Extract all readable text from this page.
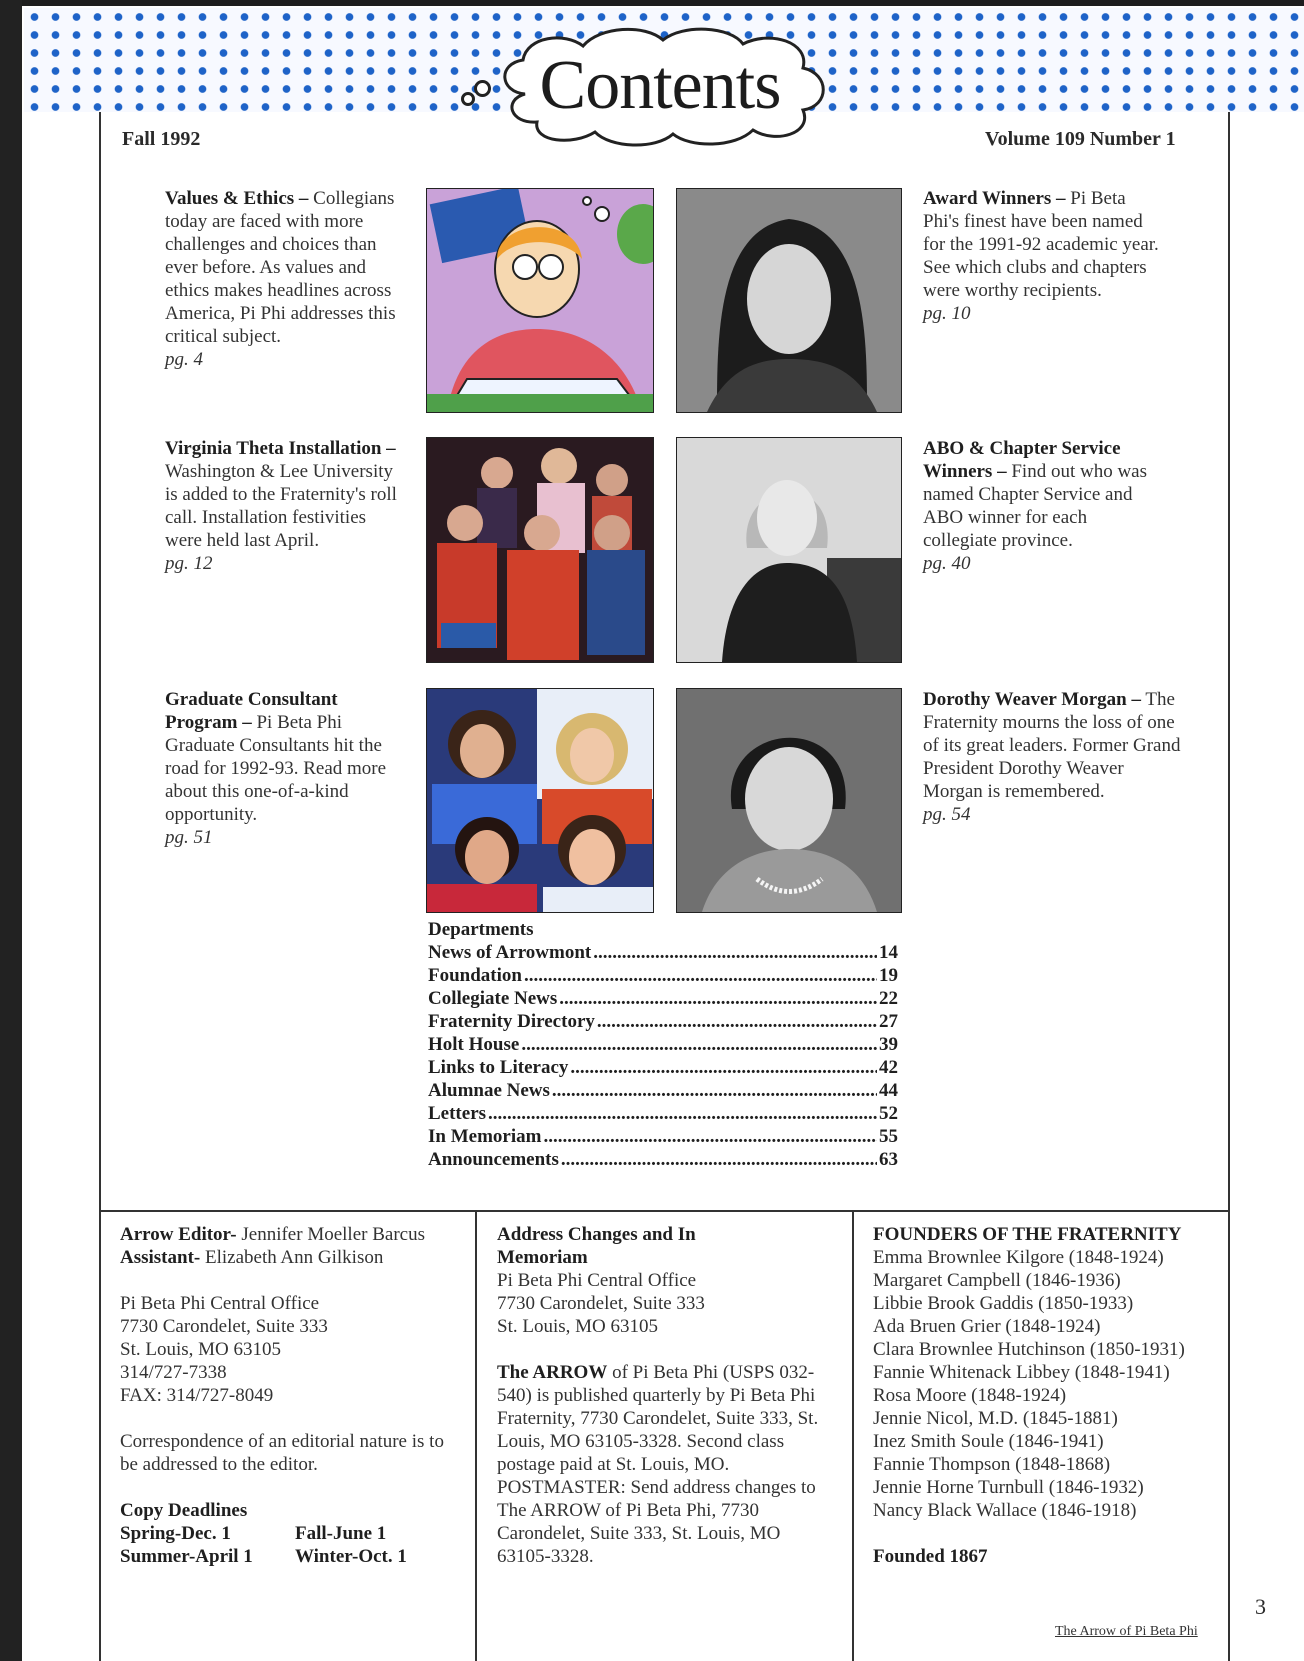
Contents
Fall 1992	Volume 109 Number 1
Values & Ethics – Collegians today are faced with more challenges and choices than ever before. As values and ethics makes headlines across America, Pi Phi addresses this critical subject.
pg. 4
Award Winners – Pi Beta Phi's finest have been named for the 1991-92 academic year. See which clubs and chapters were worthy recipients.
pg. 10
Virginia Theta Installation – Washington & Lee University is added to the Fraternity's roll call. Installation festivities were held last April.
pg. 12
ABO & Chapter Service Winners – Find out who was named Chapter Service and ABO winner for each collegiate province.
pg. 40
Graduate Consultant Program – Pi Beta Phi Graduate Consultants hit the road for 1992-93. Read more about this one-of-a-kind opportunity.
pg. 51
Dorothy Weaver Morgan – The Fraternity mourns the loss of one of its great leaders. Former Grand President Dorothy Weaver Morgan is remembered.
pg. 54
Departments
News of Arrowmont .....	14
Foundation .....	19
Collegiate News .....	22
Fraternity Directory .....	27
Holt House .....	39
Links to Literacy .....	42
Alumnae News .....	44
Letters .....	52
In Memoriam .....	55
Announcements .....	63
Arrow Editor- Jennifer Moeller Barcus
Assistant- Elizabeth Ann Gilkison
Pi Beta Phi Central Office
7730 Carondelet, Suite 333
St. Louis, MO 63105
314/727-7338
FAX: 314/727-8049
Correspondence of an editorial nature is to be addressed to the editor.
Copy Deadlines
Spring-Dec. 1	Fall-June 1
Summer-April 1	Winter-Oct. 1
Address Changes and In Memoriam
Pi Beta Phi Central Office
7730 Carondelet, Suite 333
St. Louis, MO 63105
The ARROW of Pi Beta Phi (USPS 032-540) is published quarterly by Pi Beta Phi Fraternity, 7730 Carondelet, Suite 333, St. Louis, MO 63105-3328. Second class postage paid at St. Louis, MO. POSTMASTER: Send address changes to The ARROW of Pi Beta Phi, 7730 Carondelet, Suite 333, St. Louis, MO 63105-3328.
FOUNDERS OF THE FRATERNITY
Emma Brownlee Kilgore (1848-1924)
Margaret Campbell (1846-1936)
Libbie Brook Gaddis (1850-1933)
Ada Bruen Grier (1848-1924)
Clara Brownlee Hutchinson (1850-1931)
Fannie Whitenack Libbey (1848-1941)
Rosa Moore (1848-1924)
Jennie Nicol, M.D. (1845-1881)
Inez Smith Soule (1846-1941)
Fannie Thompson (1848-1868)
Jennie Horne Turnbull (1846-1932)
Nancy Black Wallace (1846-1918)
Founded 1867
3
The Arrow of Pi Beta Phi
